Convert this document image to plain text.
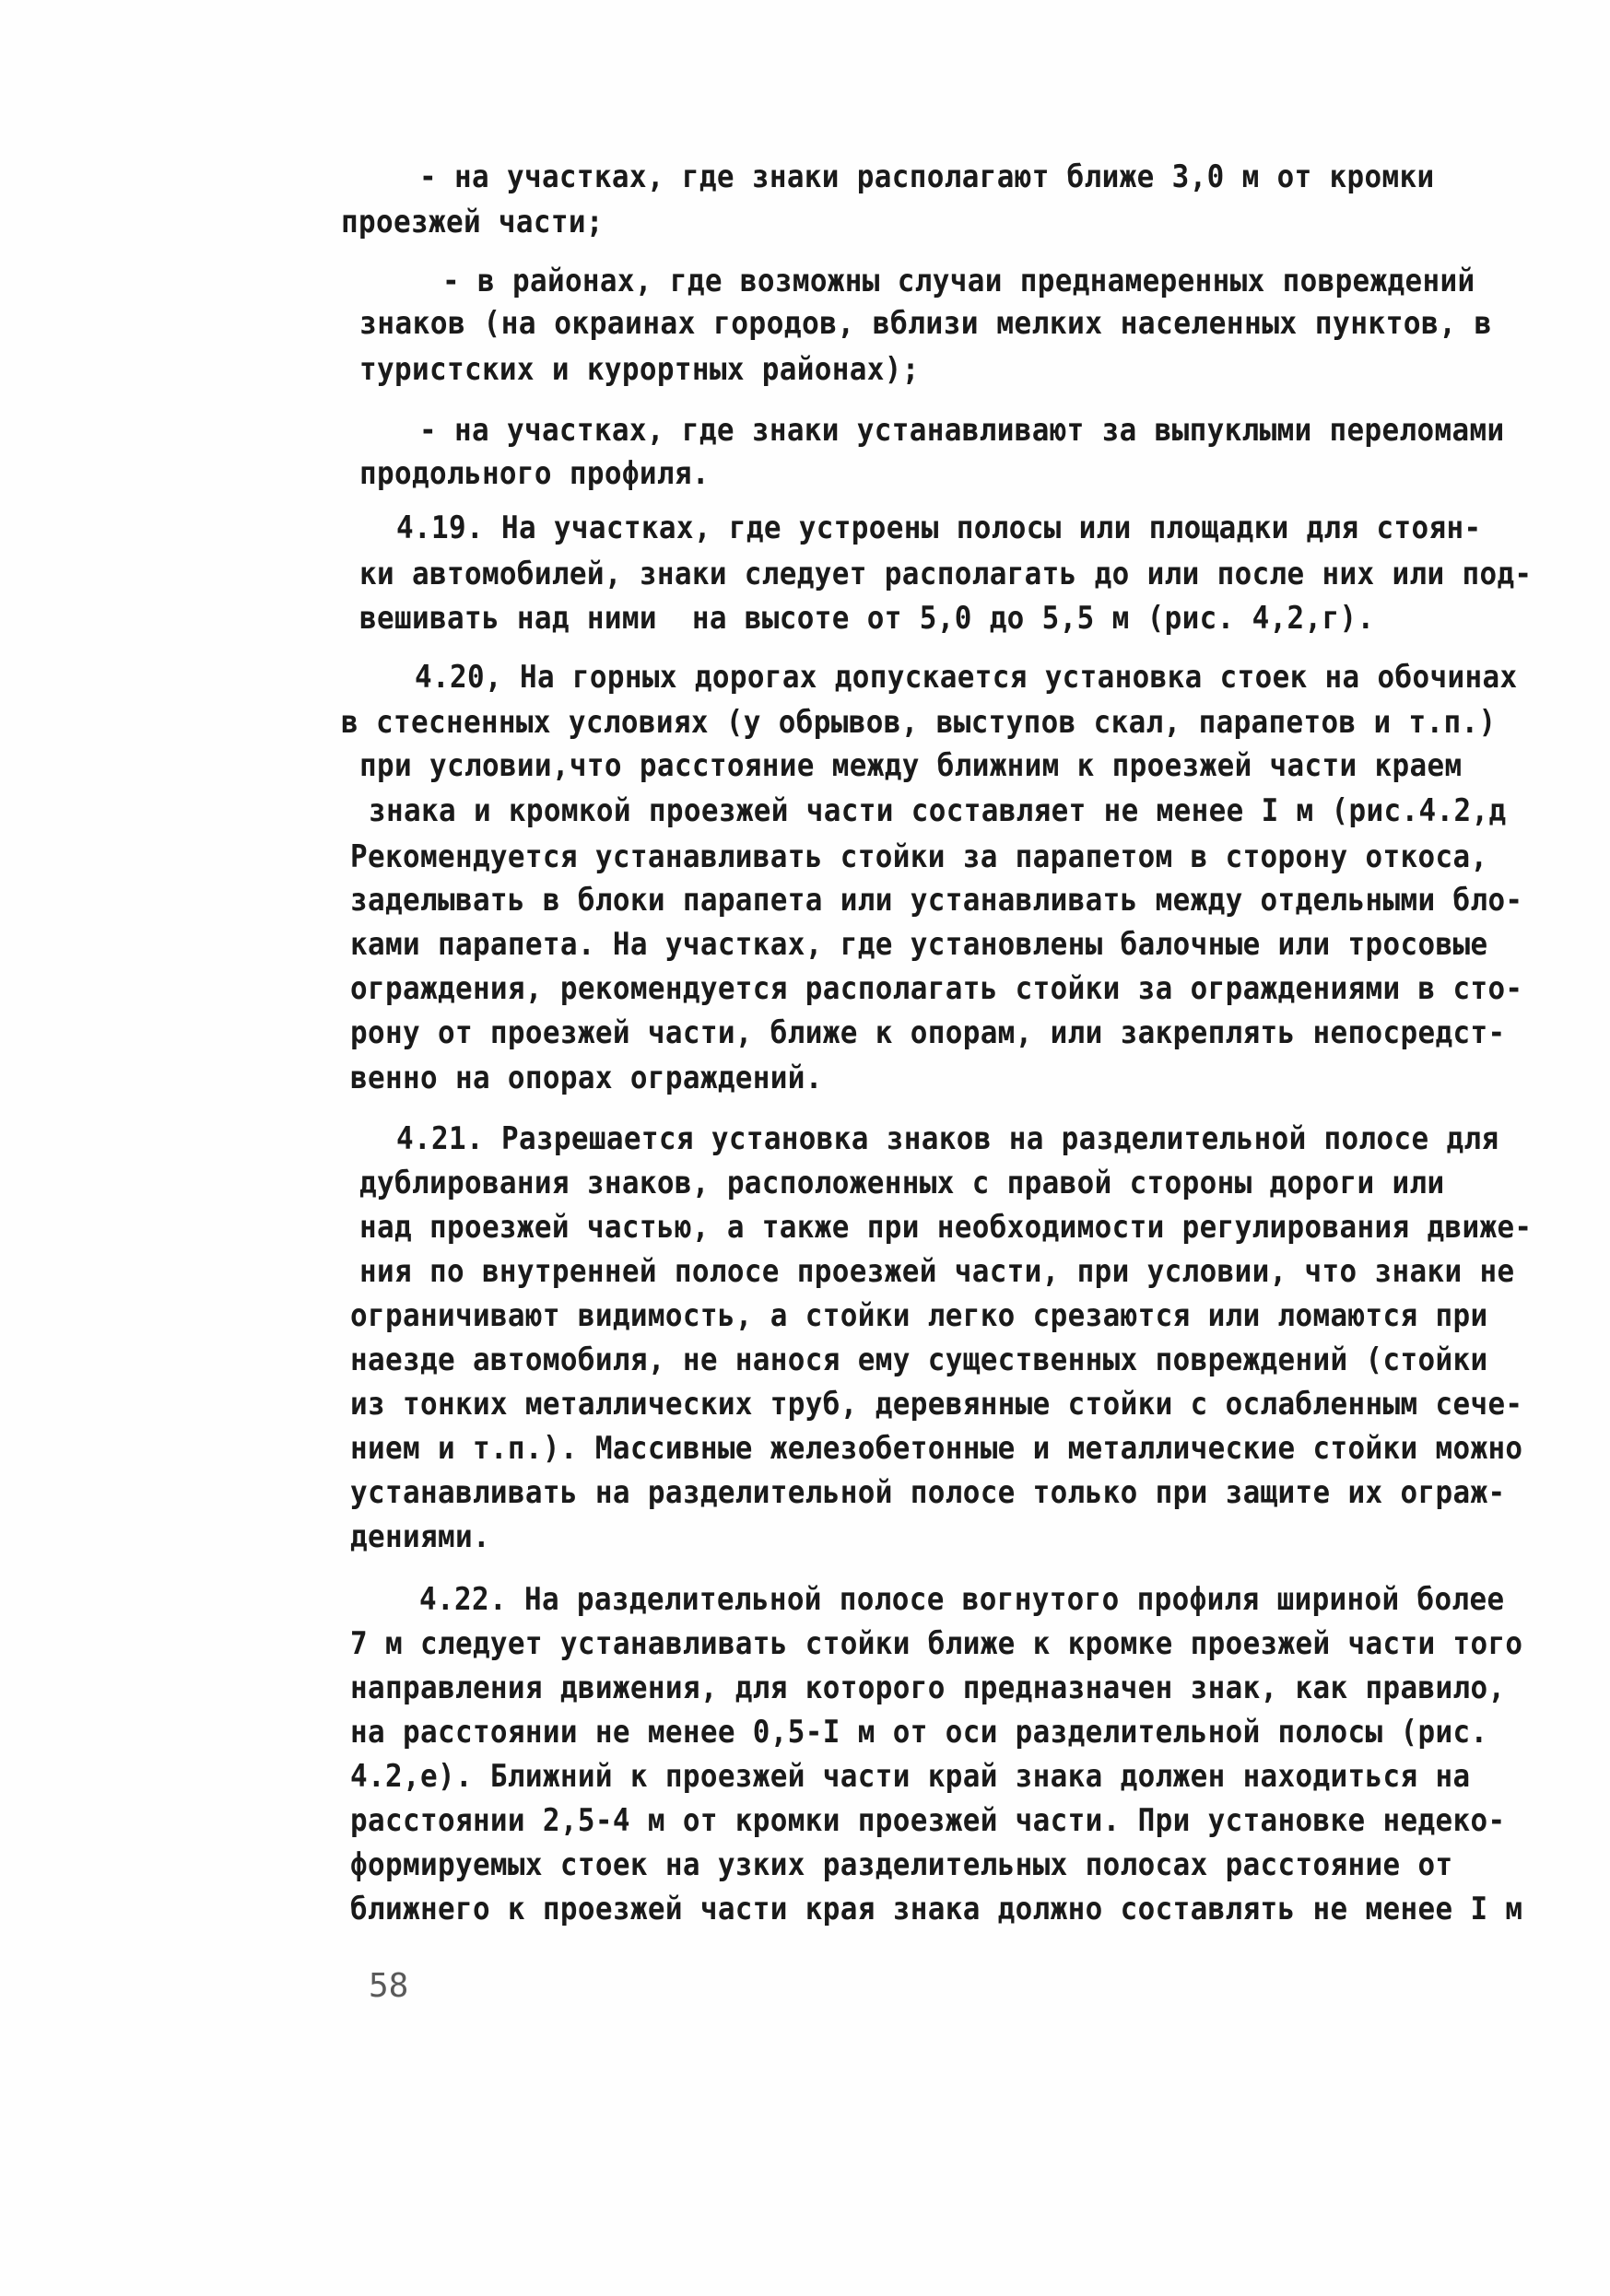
- на участках, где знаки располагают ближе 3,0 м от кромки
проезжей части;
- в районах, где возможны случаи преднамеренных повреждений
знаков (на окраинах городов, вблизи мелких населенных пунктов, в
туристских и курортных районах);
- на участках, где знаки устанавливают за выпуклыми переломами
продольного профиля.
4.19. На участках, где устроены полосы или площадки для стоян-
ки автомобилей, знаки следует располагать до или после них или под-
вешивать над ними  на высоте от 5,0 до 5,5 м (рис. 4,2,г).
4.20, На горных дорогах допускается установка стоек на обочинах
в стесненных условиях (у обрывов, выступов скал, парапетов и т.п.)
при условии,что расстояние между ближним к проезжей части краем
знака и кромкой проезжей части составляет не менее I м (рис.4.2,д
Рекомендуется устанавливать стойки за парапетом в сторону откоса,
заделывать в блоки парапета или устанавливать между отдельными бло-
ками парапета. На участках, где установлены балочные или тросовые
ограждения, рекомендуется располагать стойки за ограждениями в сто-
рону от проезжей части, ближе к опорам, или закреплять непосредст-
венно на опорах ограждений.
4.21. Разрешается установка знаков на разделительной полосе для
дублирования знаков, расположенных с правой стороны дороги или
над проезжей частью, а также при необходимости регулирования движе-
ния по внутренней полосе проезжей части, при условии, что знаки не
ограничивают видимость, а стойки легко срезаются или ломаются при
наезде автомобиля, не нанося ему существенных повреждений (стойки
из тонких металлических труб, деревянные стойки с ослабленным сече-
нием и т.п.). Массивные железобетонные и металлические стойки можно
устанавливать на разделительной полосе только при защите их ограж-
дениями.
4.22. На разделительной полосе вогнутого профиля шириной более
7 м следует устанавливать стойки ближе к кромке проезжей части того
направления движения, для которого предназначен знак, как правило,
на расстоянии не менее 0,5-I м от оси разделительной полосы (рис.
4.2,е). Ближний к проезжей части край знака должен находиться на
расстоянии 2,5-4 м от кромки проезжей части. При установке недеко-
формируемых стоек на узких разделительных полосах расстояние от
ближнего к проезжей части края знака должно составлять не менее I м
58
